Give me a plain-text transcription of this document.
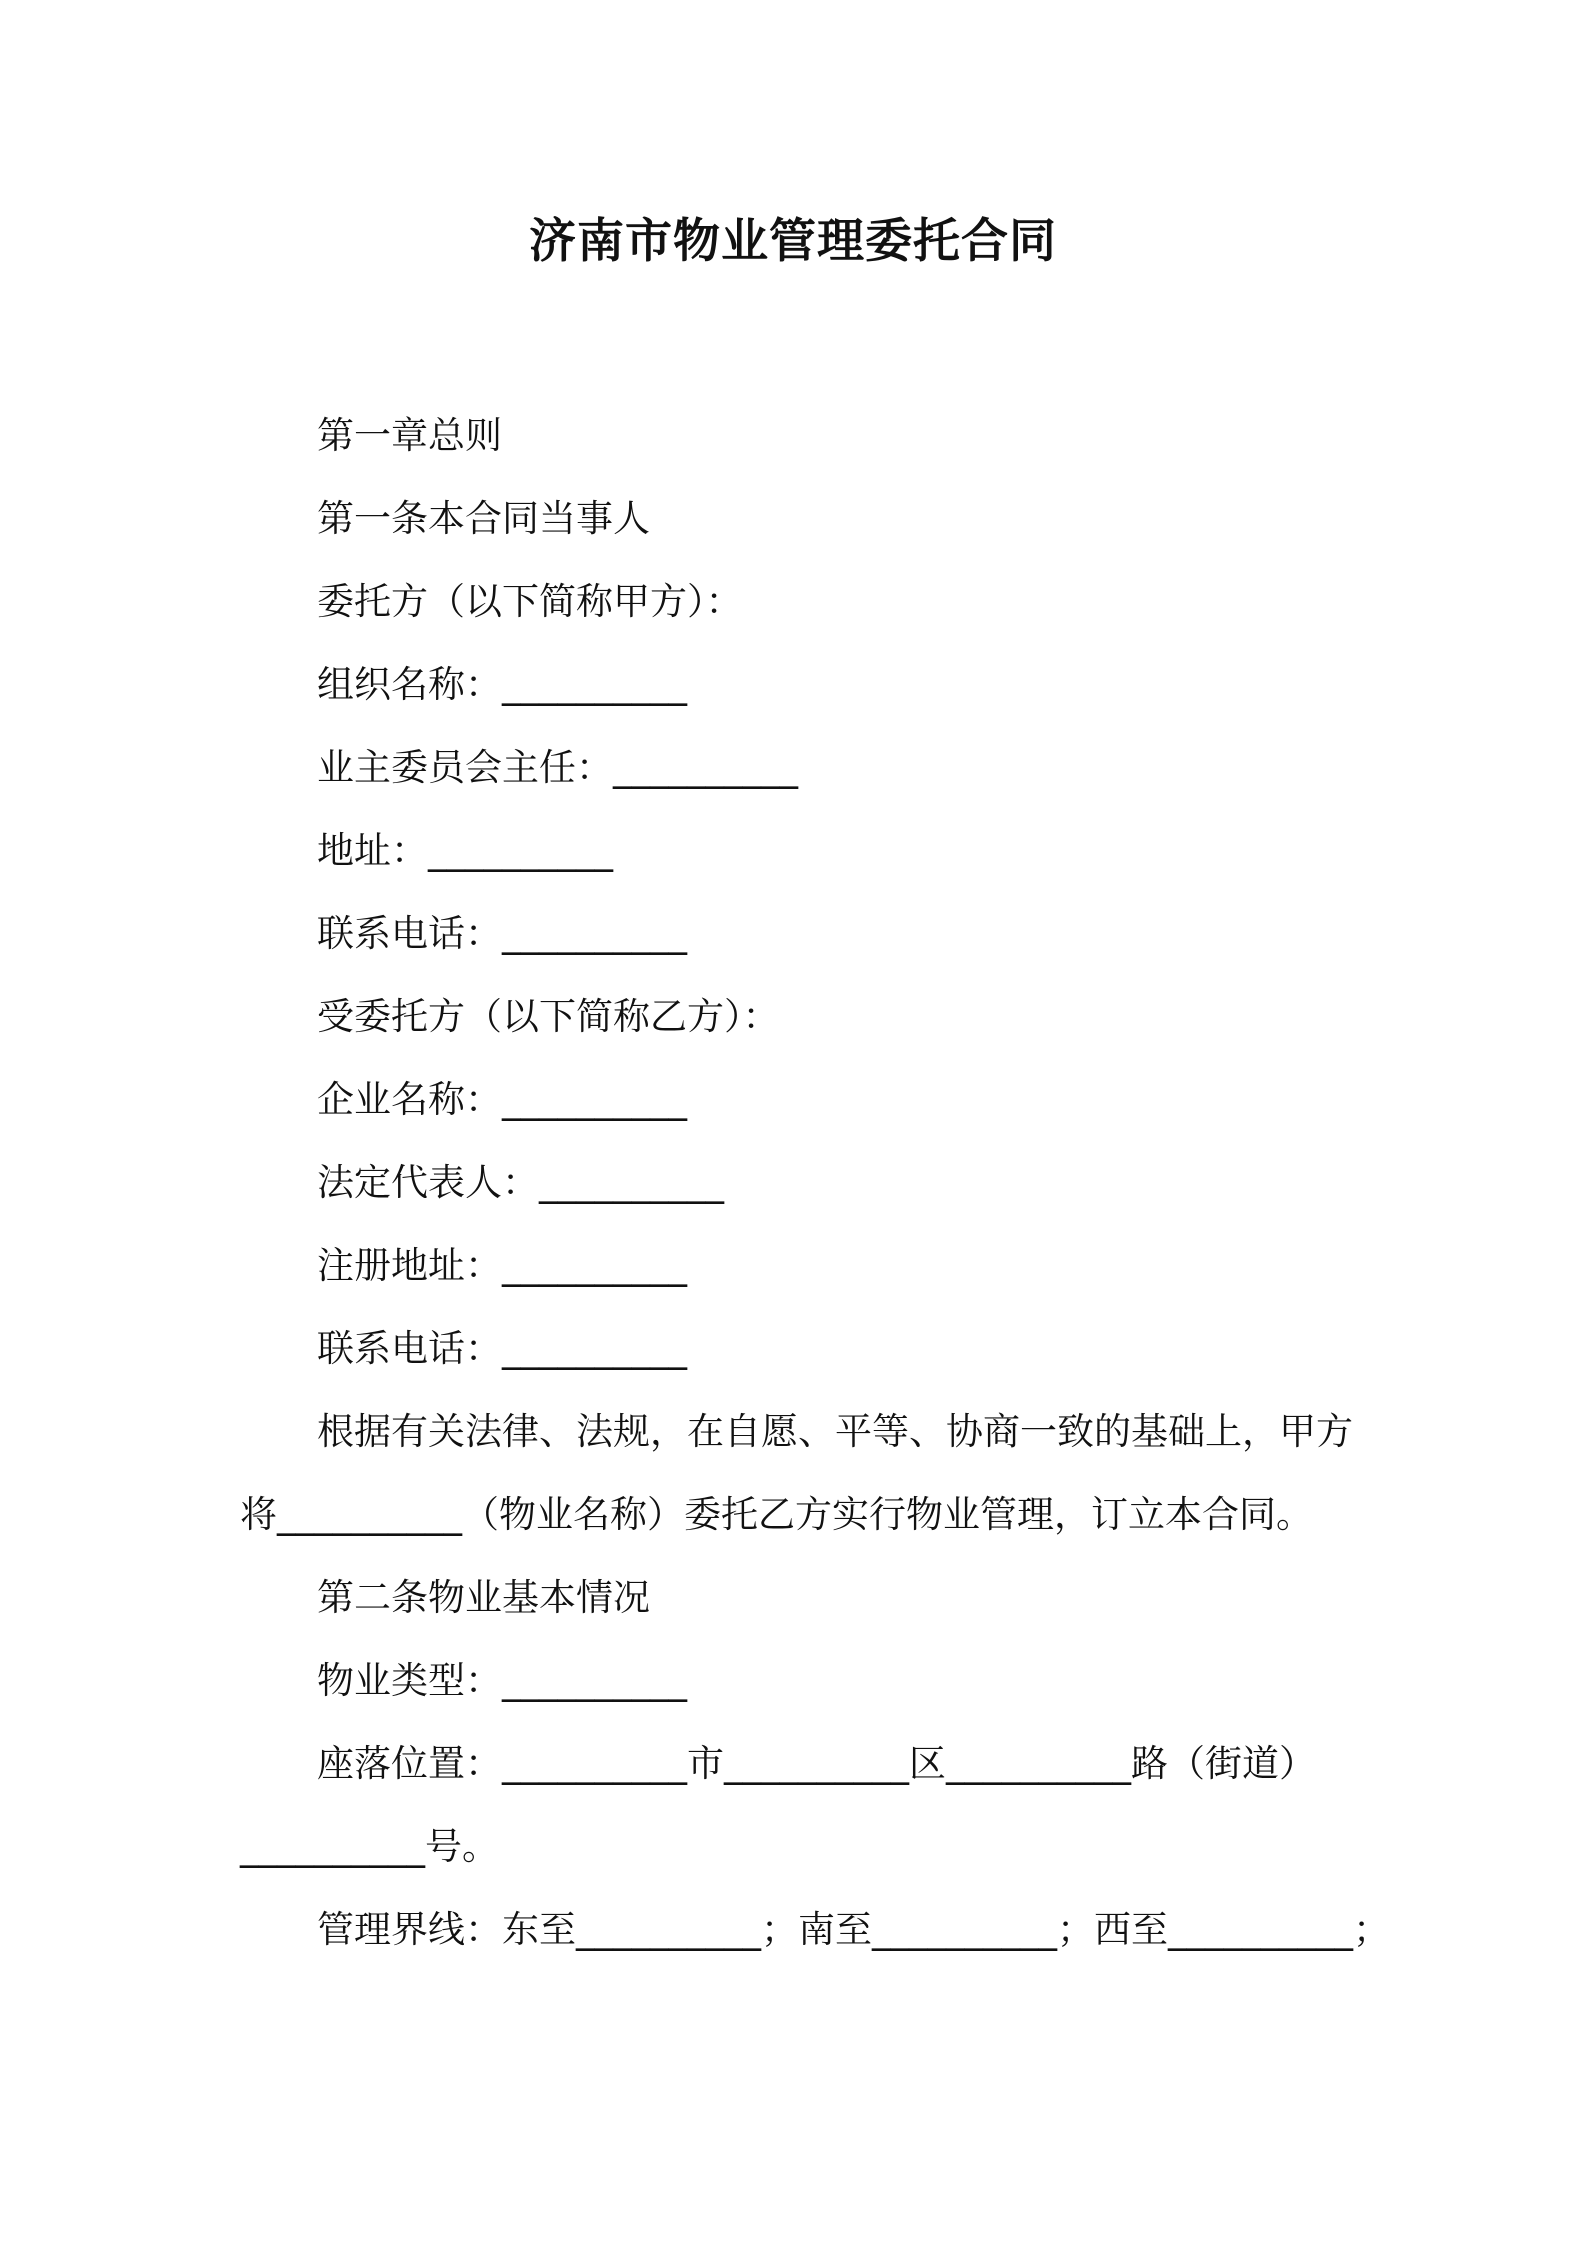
济南市物业管理委托合同
第一章总则
第一条本合同当事人
委托方（以下简称甲方）：
组织名称：__________
业主委员会主任：__________
地址：__________
联系电话：__________
受委托方（以下简称乙方）：
企业名称：__________
法定代表人：__________
注册地址：__________
联系电话：__________
根据有关法律、法规，在自愿、平等、协商一致的基础上，甲方
将__________（物业名称）委托乙方实行物业管理，订立本合同。
第二条物业基本情况
物业类型：__________
座落位置：__________市__________区__________路（街道）
__________号。
管理界线：东至__________；南至__________；西至__________；
